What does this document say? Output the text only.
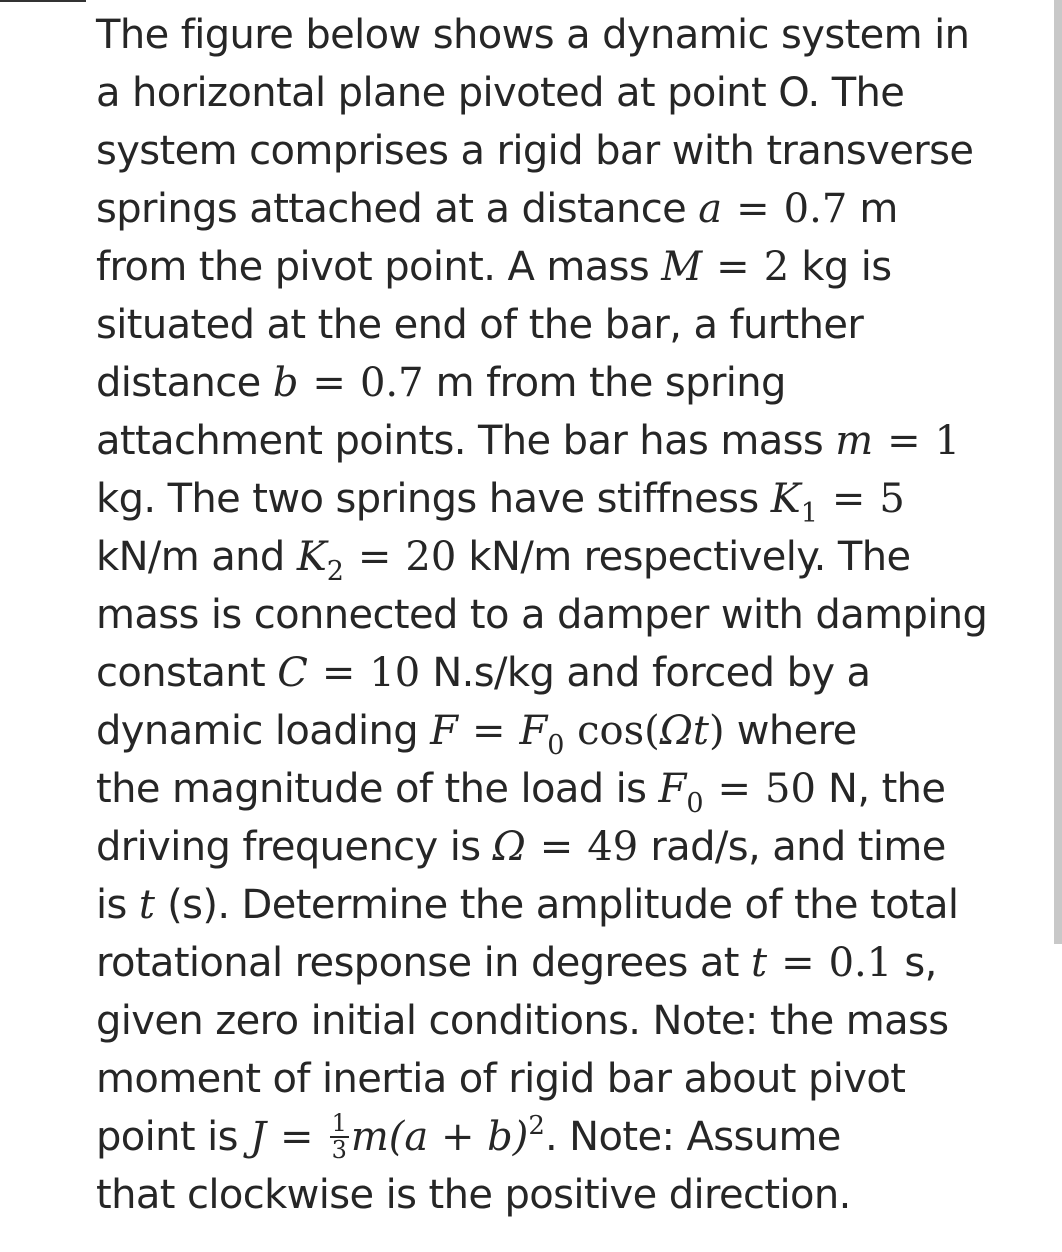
The figure below shows a dynamic system in
a horizontal plane pivoted at point O. The
system comprises a rigid bar with transverse
springs attached at a distance a = 0.7 m
from the pivot point. A mass M = 2 kg is
situated at the end of the bar, a further
distance b = 0.7 m from the spring
attachment points. The bar has mass m = 1
kg. The two springs have stiffness $K_1 = 5$
kN/m and $K_2 = 20$ kN/m respectively. The
mass is connected to a damper with damping
constant C = 10 N.s/kg and forced by a
dynamic loading $F = F_0$ cos(Ωt) where
the magnitude of the load is $F_0 = 50$ N, the
driving frequency is Ω = 49 rad/s, and time
is t (s). Determine the amplitude of the total
rotational response in degrees at t = 0.1 s,
given zero initial conditions. Note: the mass
moment of inertia of rigid bar about pivot
point is $J = \frac{1}{3} m(a + b)^2$. Note: Assume
that clockwise is the positive direction.
